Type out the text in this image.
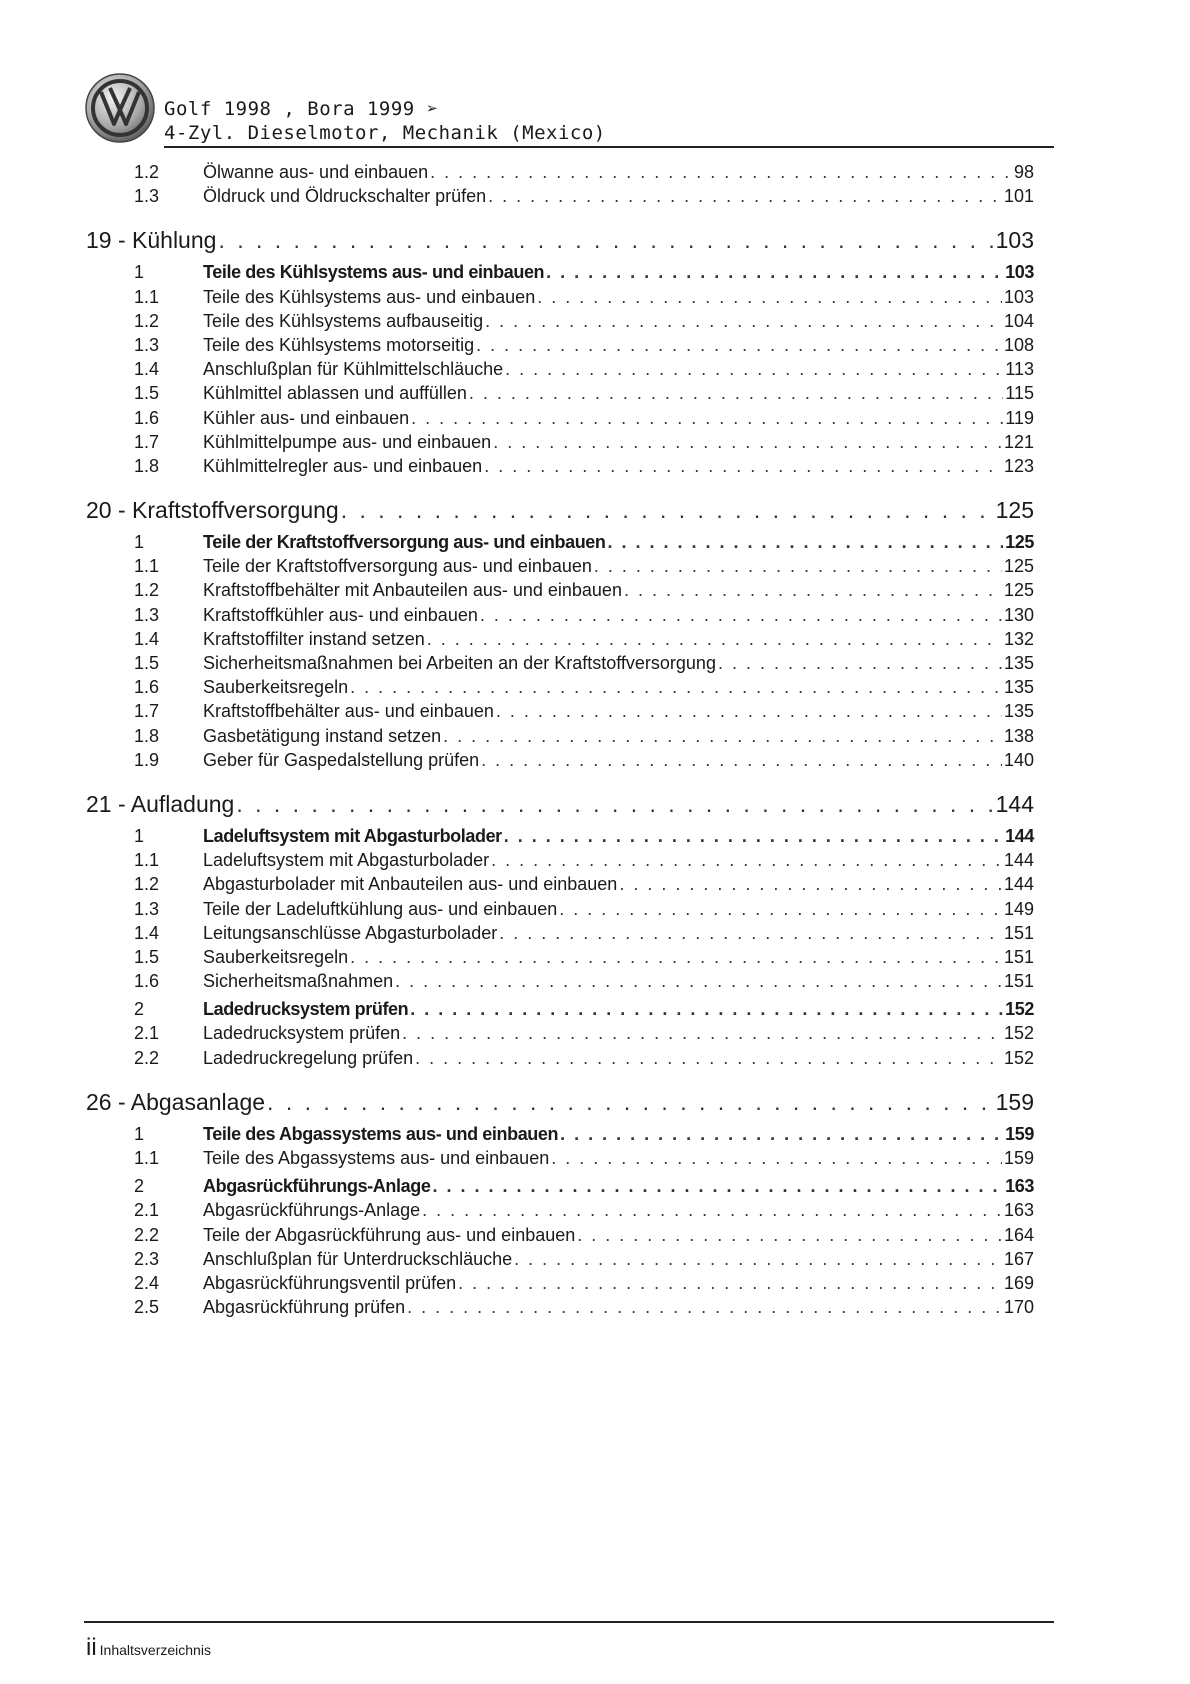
Golf 1998 , Bora 1999 ➢
4-Zyl. Dieselmotor, Mechanik (Mexico)
1.2	Ölwanne aus- und einbauen . . .	98
1.3	Öldruck und Öldruckschalter prüfen . . .	101
19 - Kühlung . . .	103
1	Teile des Kühlsystems aus- und einbauen . . .	103
1.1	Teile des Kühlsystems aus- und einbauen . . .	103
1.2	Teile des Kühlsystems aufbauseitig . . .	104
1.3	Teile des Kühlsystems motorseitig . . .	108
1.4	Anschlußplan für Kühlmittelschläuche . . .	113
1.5	Kühlmittel ablassen und auffüllen . . .	115
1.6	Kühler aus- und einbauen . . .	119
1.7	Kühlmittelpumpe aus- und einbauen . . .	121
1.8	Kühlmittelregler aus- und einbauen . . .	123
20 - Kraftstoffversorgung . . .	125
1	Teile der Kraftstoffversorgung aus- und einbauen . . .	125
1.1	Teile der Kraftstoffversorgung aus- und einbauen . . .	125
1.2	Kraftstoffbehälter mit Anbauteilen aus- und einbauen . . .	125
1.3	Kraftstoffkühler aus- und einbauen . . .	130
1.4	Kraftstoffilter instand setzen . . .	132
1.5	Sicherheitsmaßnahmen bei Arbeiten an der Kraftstoffversorgung . . .	135
1.6	Sauberkeitsregeln . . .	135
1.7	Kraftstoffbehälter aus- und einbauen . . .	135
1.8	Gasbetätigung instand setzen . . .	138
1.9	Geber für Gaspedalstellung prüfen . . .	140
21 - Aufladung . . .	144
1	Ladeluftsystem mit Abgasturbolader . . .	144
1.1	Ladeluftsystem mit Abgasturbolader . . .	144
1.2	Abgasturbolader mit Anbauteilen aus- und einbauen . . .	144
1.3	Teile der Ladeluftkühlung aus- und einbauen . . .	149
1.4	Leitungsanschlüsse Abgasturbolader . . .	151
1.5	Sauberkeitsregeln . . .	151
1.6	Sicherheitsmaßnahmen . . .	151
2	Ladedrucksystem prüfen . . .	152
2.1	Ladedrucksystem prüfen . . .	152
2.2	Ladedruckregelung prüfen . . .	152
26 - Abgasanlage . . .	159
1	Teile des Abgassystems aus- und einbauen . . .	159
1.1	Teile des Abgassystems aus- und einbauen . . .	159
2	Abgasrückführungs-Anlage . . .	163
2.1	Abgasrückführungs-Anlage . . .	163
2.2	Teile der Abgasrückführung aus- und einbauen . . .	164
2.3	Anschlußplan für Unterdruckschläuche . . .	167
2.4	Abgasrückführungsventil prüfen . . .	169
2.5	Abgasrückführung prüfen . . .	170
ii Inhaltsverzeichnis
